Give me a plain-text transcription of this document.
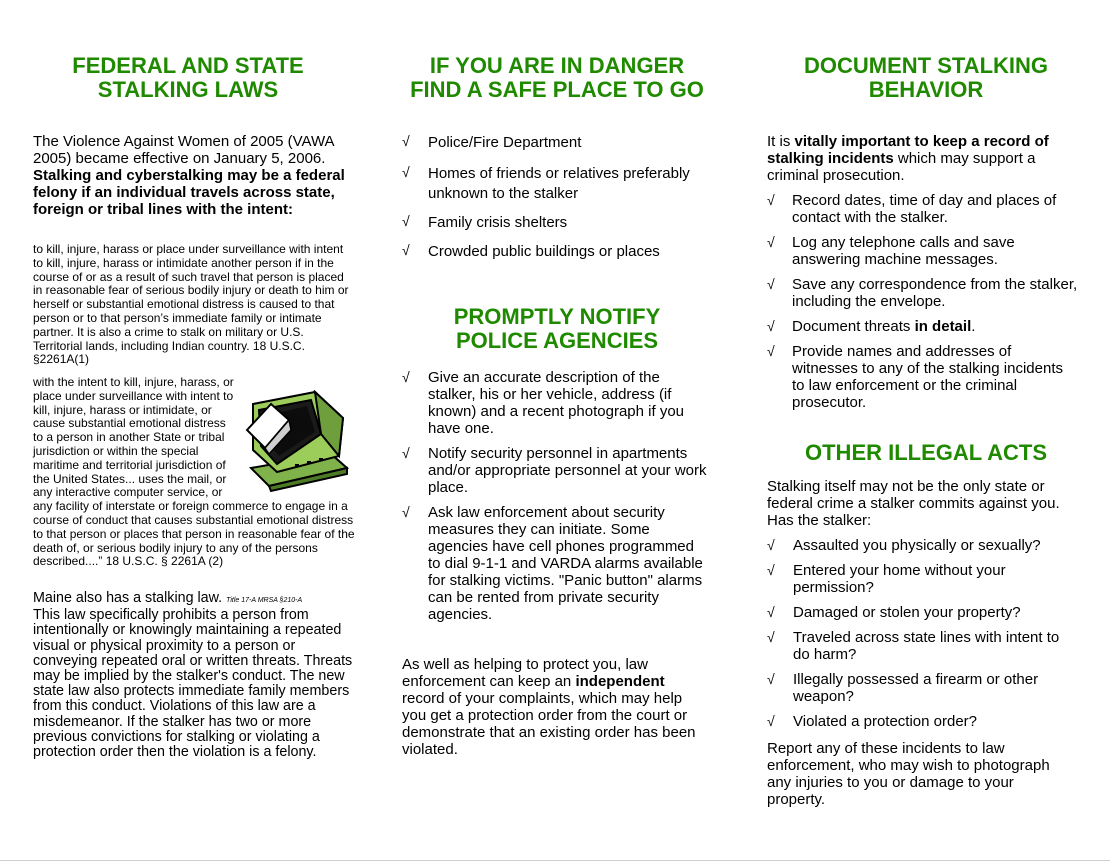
FEDERAL AND STATE
STALKING LAWS

The Violence Against Women of 2005 (VAWA 2005) became effective on January 5, 2006. Stalking and cyberstalking may be a federal felony if an individual travels across state, foreign or tribal lines with the intent:

to kill, injure, harass or place under surveillance with intent to kill, injure, harass or intimidate another person if in the course of or as a result of such travel that person is placed in reasonable fear of serious bodily injury or death to him or herself or substantial emotional distress is caused to that person or to that person’s immediate family or intimate partner. It is also a crime to stalk on military or U.S. Territorial lands, including Indian country. 18 U.S.C. §2261A(1)

with the intent to kill, injure, harass, or place under surveillance with intent to kill, injure, harass or intimidate, or cause substantial emotional distress to a person in another State or tribal jurisdiction or within the special maritime and territorial jurisdiction of the United States... uses the mail, or any interactive computer service, or any facility of interstate or foreign commerce to engage in a course of conduct that causes substantial emotional distress to that person or places that person in reasonable fear of the death of, or serious bodily injury to any of the persons described....” 18 U.S.C. § 2261A (2)

Maine also has a stalking law. Title 17-A MRSA §210-A
This law specifically prohibits a person from intentionally or knowingly maintaining a repeated visual or physical proximity to a person or conveying repeated oral or written threats. Threats may be implied by the stalker's conduct. The new state law also protects immediate family members from this conduct. Violations of this law are a misdemeanor. If the stalker has two or more previous convictions for stalking or violating a protection order then the violation is a felony.

IF YOU ARE IN DANGER
FIND A SAFE PLACE TO GO
√	Police/Fire Department
√	Homes of friends or relatives preferably unknown to the stalker
√	Family crisis shelters
√	Crowded public buildings or places
PROMPTLY NOTIFY
POLICE AGENCIES
√	Give an accurate description of the stalker, his or her vehicle, address (if known) and a recent photograph if you have one.
√	Notify security personnel in apartments and/or appropriate personnel at your work place.
√	Ask law enforcement about security measures they can initiate. Some agencies have cell phones programmed to dial 9-1-1 and VARDA alarms available for stalking victims. "Panic button" alarms can be rented from private security agencies.

As well as helping to protect you, law enforcement can keep an independent record of your complaints, which may help you get a protection order from the court or demonstrate that an existing order has been violated.

DOCUMENT STALKING
BEHAVIOR

It is vitally important to keep a record of stalking incidents which may support a criminal prosecution.

√	Record dates, time of day and places of contact with the stalker.
√	Log any telephone calls and save answering machine messages.
√	Save any correspondence from the stalker, including the envelope.
√	Document threats in detail.
√	Provide names and addresses of witnesses to any of the stalking incidents to law enforcement or the criminal prosecutor.
OTHER ILLEGAL ACTS

Stalking itself may not be the only state or federal crime a stalker commits against you. Has the stalker:

√	Assaulted you physically or sexually?
√	Entered your home without your permission?
√	Damaged or stolen your property?
√	Traveled across state lines with intent to do harm?
√	Illegally possessed a firearm or other weapon?
√	Violated a protection order?

Report any of these incidents to law enforcement, who may wish to photograph any injuries to you or damage to your property.
